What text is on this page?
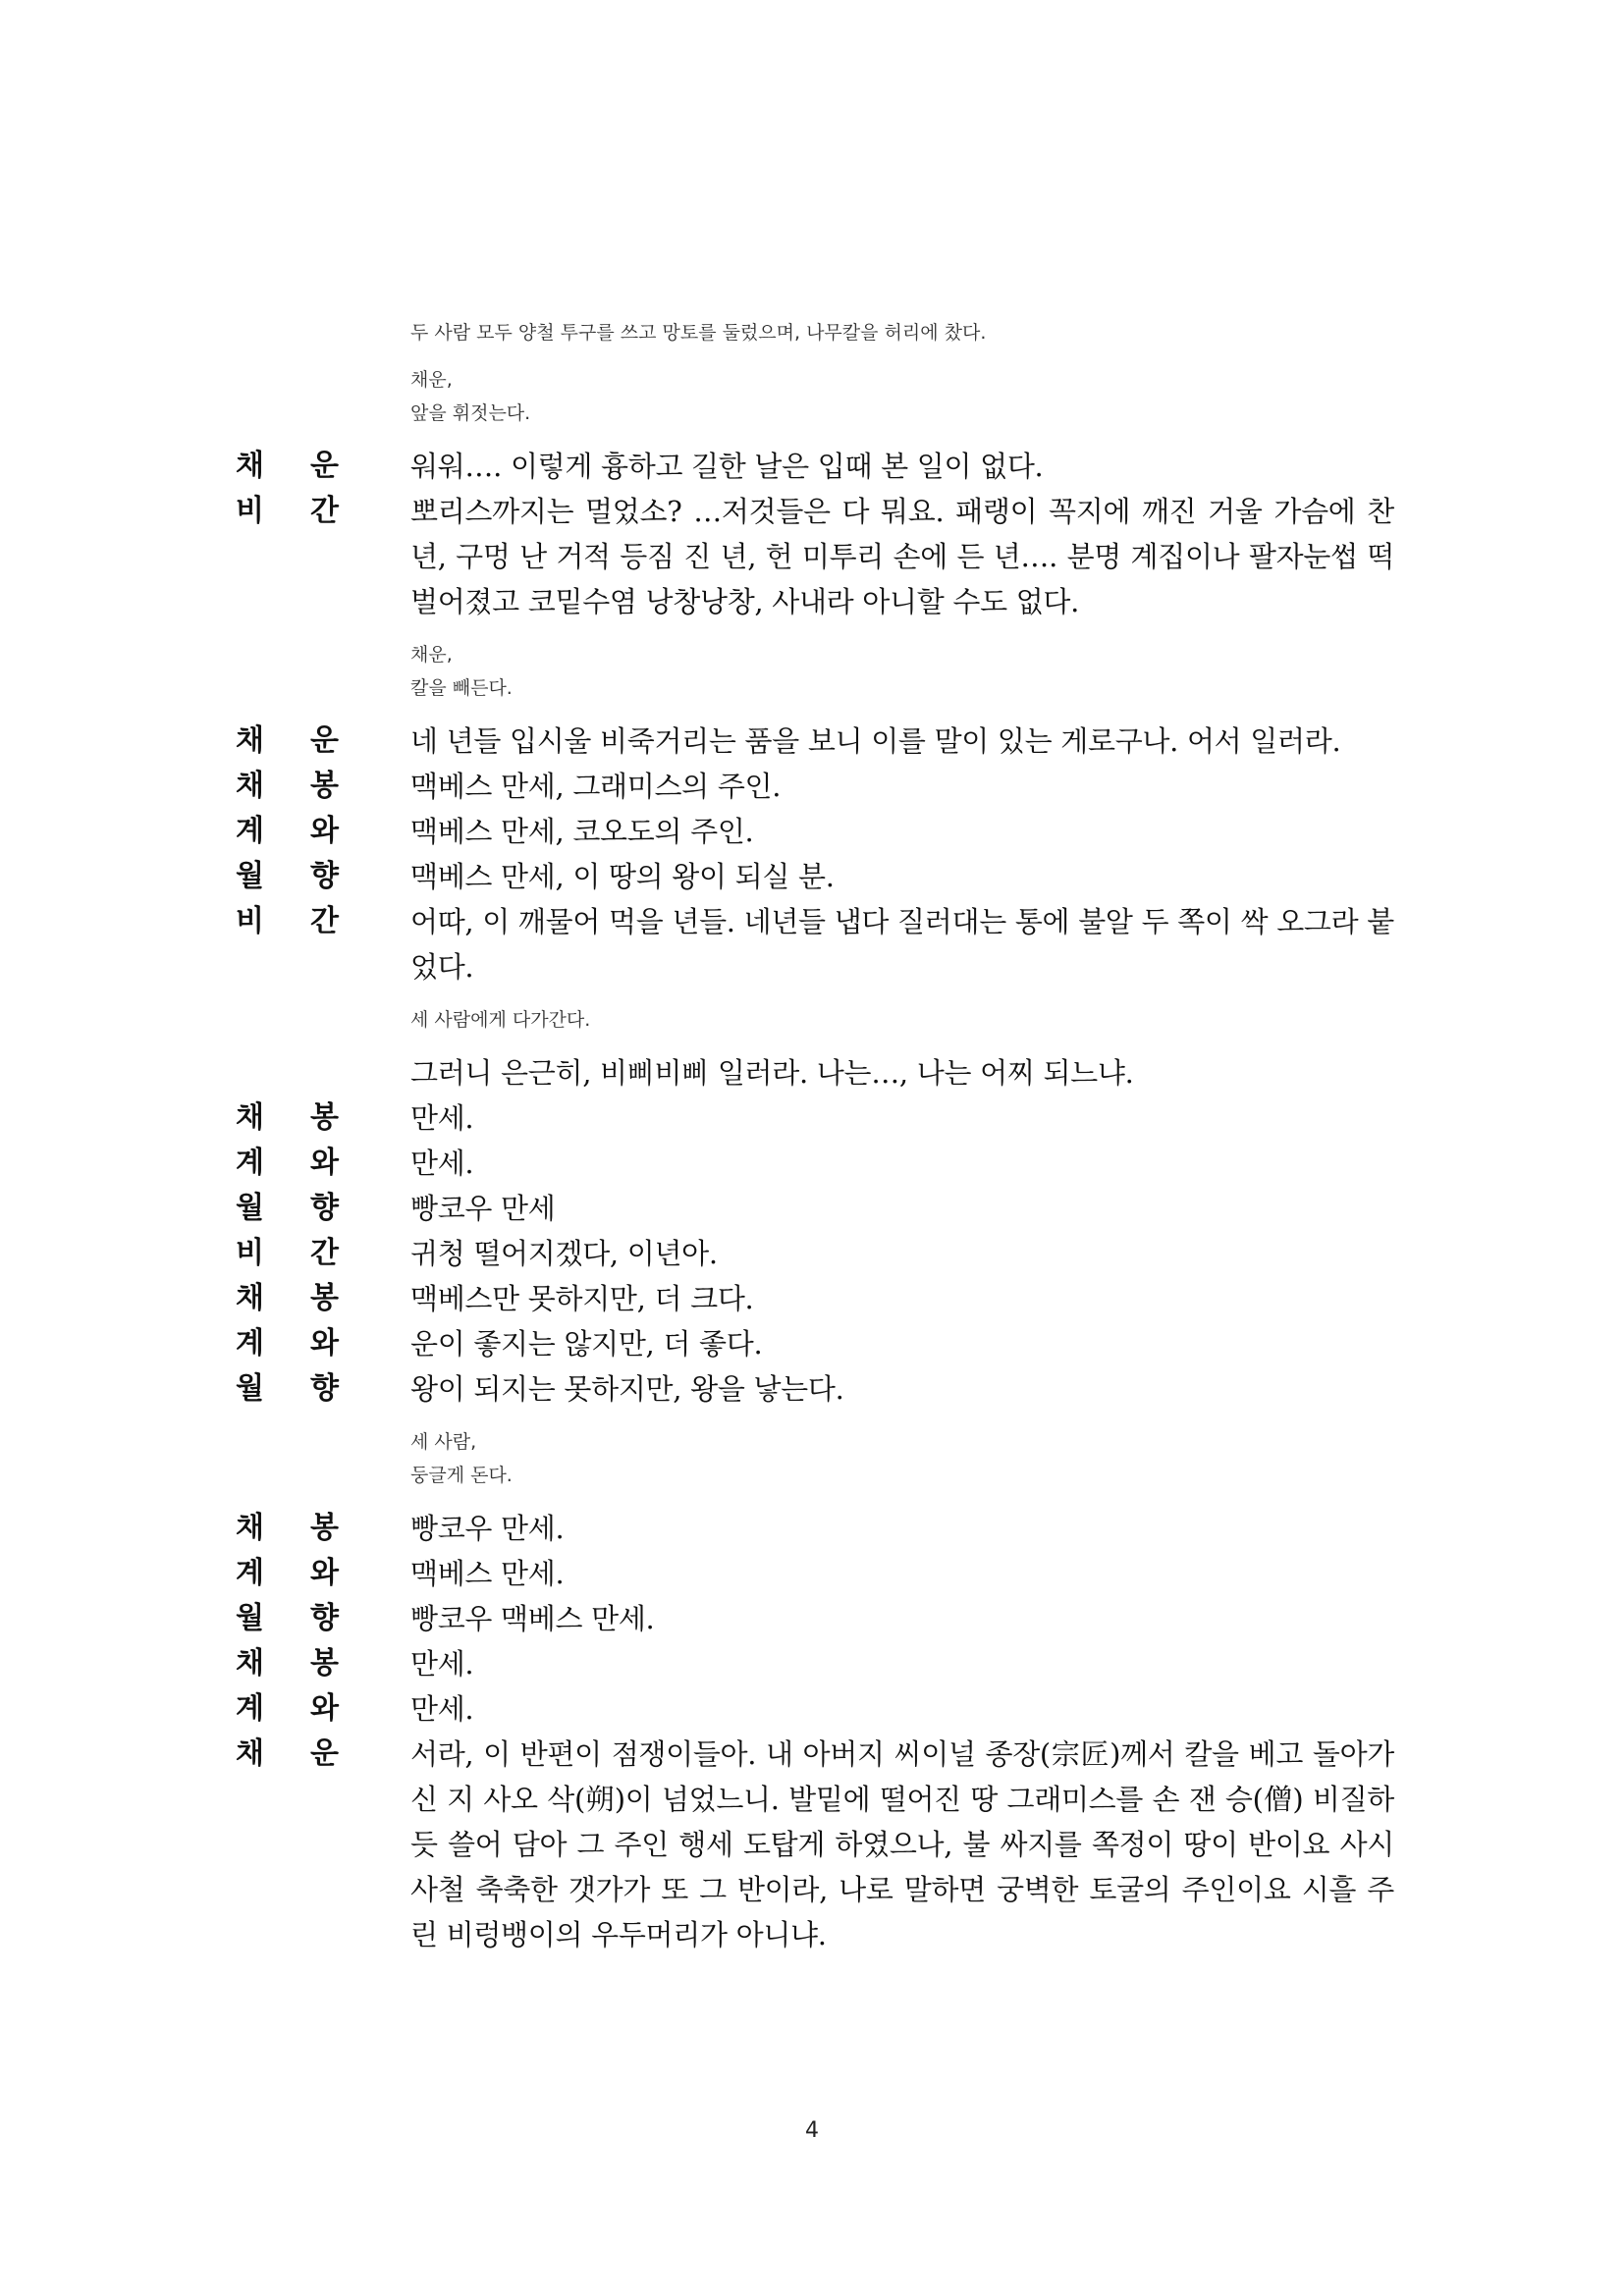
두 사람 모두 양철 투구를 쓰고 망토를 둘렀으며, 나무칼을 허리에 찼다.
채운,
앞을 휘젓는다.
채	운	워워…. 이렇게 흉하고 길한 날은 입때 본 일이 없다.
비	간	뽀리스까지는 멀었소? …저것들은 다 뭐요. 패랭이 꼭지에 깨진 거울 가슴에 찬 년, 구멍 난 거적 등짐 진 년, 헌 미투리 손에 든 년…. 분명 계집이나 팔자눈썹 떡 벌어졌고 코밑수염 낭창낭창, 사내라 아니할 수도 없다.
채운,
칼을 빼든다.
채	운	네 년들 입시울 비죽거리는 품을 보니 이를 말이 있는 게로구나. 어서 일러라.
채	봉	맥베스 만세, 그래미스의 주인.
계	와	맥베스 만세, 코오도의 주인.
월	향	맥베스 만세, 이 땅의 왕이 되실 분.
비	간	어따, 이 깨물어 먹을 년들. 네년들 냅다 질러대는 통에 불알 두 쪽이 싹 오그라 붙었다.
세 사람에게 다가간다.
그러니 은근히, 비삐비삐 일러라. 나는…, 나는 어찌 되느냐.
채	봉	만세.
계	와	만세.
월	향	빵코우 만세
비	간	귀청 떨어지겠다, 이년아.
채	봉	맥베스만 못하지만, 더 크다.
계	와	운이 좋지는 않지만, 더 좋다.
월	향	왕이 되지는 못하지만, 왕을 낳는다.
세 사람,
둥글게 돈다.
채	봉	빵코우 만세.
계	와	맥베스 만세.
월	향	빵코우 맥베스 만세.
채	봉	만세.
계	와	만세.
채	운	서라, 이 반편이 점쟁이들아. 내 아버지 씨이널 종장(宗匠)께서 칼을 베고 돌아가신 지 사오 삭(朔)이 넘었느니. 발밑에 떨어진 땅 그래미스를 손 잰 승(僧) 비질하듯 쓸어 담아 그 주인 행세 도탑게 하였으나, 불 싸지를 쪽정이 땅이 반이요 사시사철 축축한 갯가가 또 그 반이라, 나로 말하면 궁벽한 토굴의 주인이요 시흘 주린 비렁뱅이의 우두머리가 아니냐.
4
